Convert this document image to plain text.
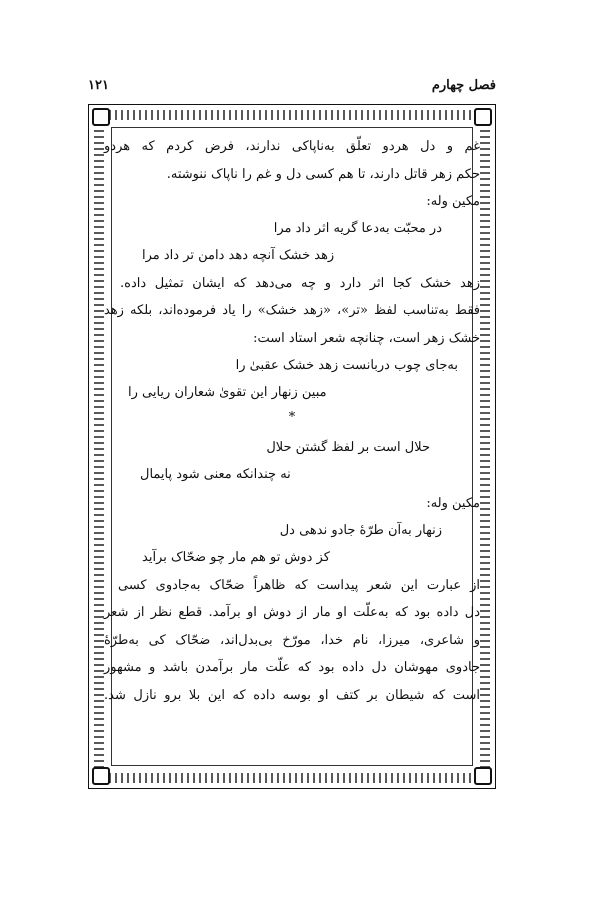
فصل چهارم
۱۲۱
غم و دل هردو تعلّق به‌ناپاکی ندارند، فرض کردم که هردو
حکم زهر قاتل دارند، تا هم کسی دل و غم را ناپاک ننوشته.
مکین وله:
در محبّت به‌دعا گریه اثر داد مرا
زهد خشک آنچه دهد دامن تر داد مرا
زهد خشک کجا اثر دارد و چه می‌دهد که ایشان تمثیل داده.
فقط به‌تناسب لفظ «تر»، «زهد خشک» را یاد فرموده‌اند، بلکه زهد
خشک زهر است، چنانچه شعر استاد است:
به‌جای چوب دربانست زهد خشک عقبیٰ را
مبین زنهار این تقویٰ شعاران ریایی را
*
حلال است بر لفظ گشتن حلال
نه چندانکه معنی شود پایمال
مکین وله:
زنهار به‌آن طرّهٔ جادو ندهی دل
کز دوش تو هم مار چو ضحّاک برآید
از عبارت این شعر پیداست که ظاهراً ضحّاک به‌جادوی کسی
دل داده بود که به‌علّت او مار از دوش او برآمد. قطع نظر از شعر
و شاعری، میرزا، نام خدا، مورّخ بی‌بدل‌اند، ضحّاک کی به‌طرّهٔ
جادوی مهوشان دل داده بود که علّت مار برآمدن باشد و مشهور
است که شیطان بر کتف او بوسه داده که این بلا برو نازل شد.
